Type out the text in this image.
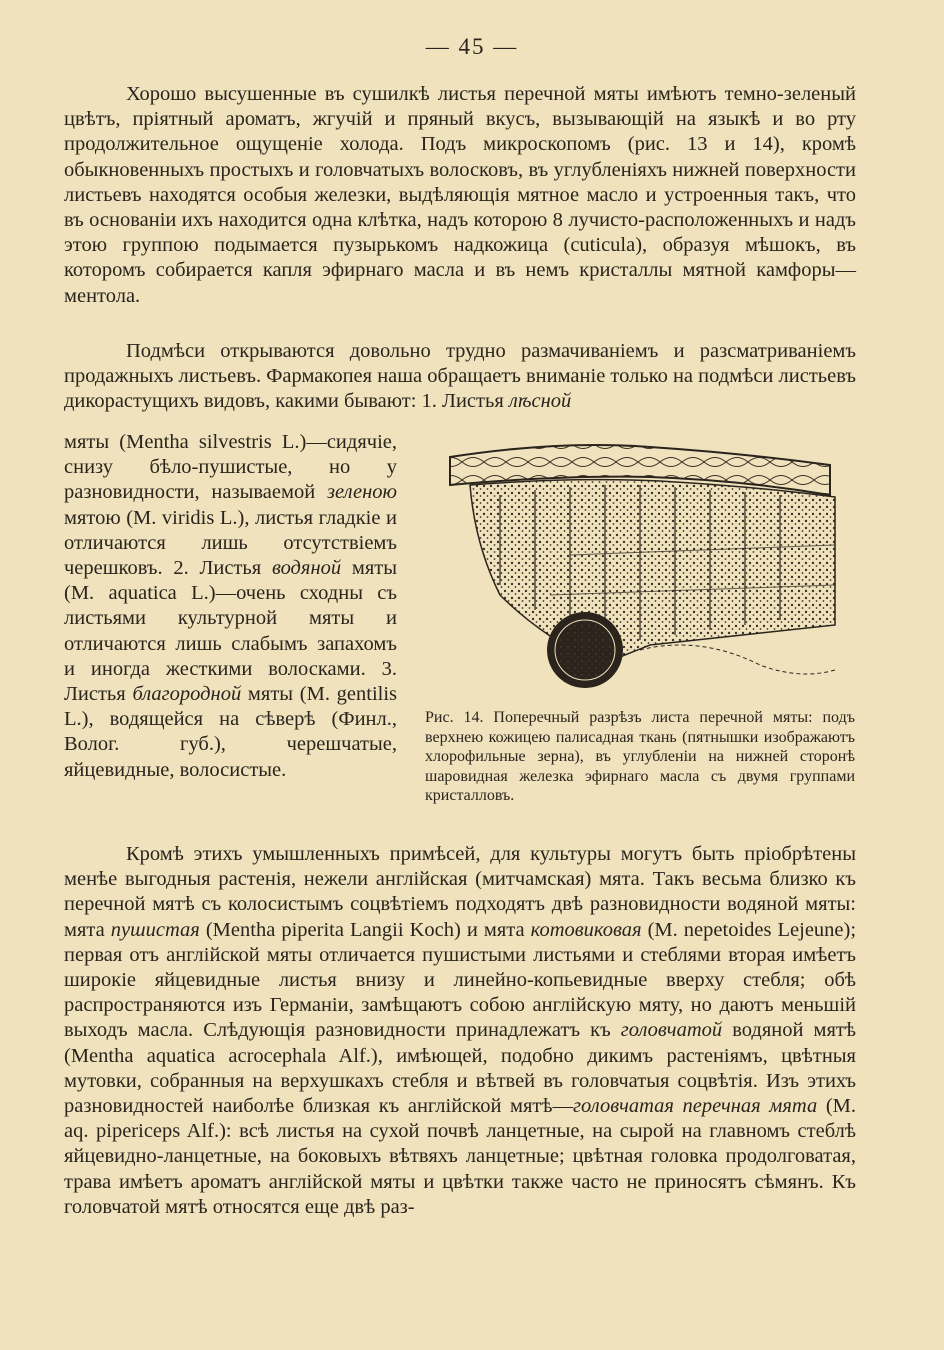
— 45 —

Хорошо высушенные въ сушилкѣ листья перечной мяты имѣютъ темно-зеленый цвѣтъ, пріятный ароматъ, жгучій и пряный вкусъ, вызывающій на языкѣ и во рту продолжительное ощущеніе холода. Подъ микроскопомъ (рис. 13 и 14), кромѣ обыкновенныхъ простыхъ и головчатыхъ волосковъ, въ углубленіяхъ нижней поверхности листьевъ находятся особыя железки, выдѣляющія мятное масло и устроенныя такъ, что въ основаніи ихъ находится одна клѣтка, надъ которою 8 лучисто-расположенныхъ и надъ этою группою подымается пузырькомъ надкожица (cuticula), образуя мѣшокъ, въ которомъ собирается капля эфирнаго масла и въ немъ кристаллы мятной камфоры—ментола.

Подмѣси открываются довольно трудно размачиваніемъ и разсматриваніемъ продажныхъ листьевъ. Фармакопея наша обращаетъ вниманіе только на подмѣси листьевъ дикорастущихъ видовъ, какими бывают: 1. Листья лѣсной

мяты (Mentha silvestris L.)—сидячіе, снизу бѣло-пушистые, но у разновидности, называемой зеленою мятою (M. viridis L.), листья гладкіе и отличаются лишь отсутствіемъ черешковъ. 2. Листья водяной мяты (M. aquatica L.)—очень сходны съ листьями культурной мяты и отличаются лишь слабымъ запахомъ и иногда жесткими волосками. 3. Листья благородной мяты (M. gentilis L.), водящейся на сѣверѣ (Финл., Волог. губ.), черешчатые, яйцевидные, волосистые.

Рис. 14. Поперечный разрѣзъ листа перечной мяты: подъ верхнею кожицею палисадная ткань (пятнышки изображаютъ хлорофильные зерна), въ углубленіи на нижней сторонѣ шаровидная железка эфирнаго масла съ двумя группами кристалловъ.

Кромѣ этихъ умышленныхъ примѣсей, для культуры могутъ быть пріобрѣтены менѣе выгодныя растенія, нежели англійская (митчамская) мята. Такъ весьма близко къ перечной мятѣ съ колосистымъ соцвѣтіемъ подходятъ двѣ разновидности водяной мяты: мята пушистая (Mentha piperita Langii Koch) и мята котовиковая (M. nepetoides Lejeune); первая отъ англійской мяты отличается пушистыми листьями и стеблями вторая имѣетъ широкіе яйцевидные листья внизу и линейно-копьевидные вверху стебля; обѣ распространяются изъ Германіи, замѣщаютъ собою англійскую мяту, но даютъ меньшій выходъ масла. Слѣдующія разновидности принадлежатъ къ головчатой водяной мятѣ (Mentha aquatica acrocephala Alf.), имѣющей, подобно дикимъ растеніямъ, цвѣтныя мутовки, собранныя на верхушкахъ стебля и вѣтвей въ головчатыя соцвѣтія. Изъ этихъ разновидностей наиболѣе близкая къ англійской мятѣ—головчатая перечная мята (M. aq. pipericeps Alf.): всѣ листья на сухой почвѣ ланцетные, на сырой на главномъ стеблѣ яйцевидно-ланцетные, на боковыхъ вѣтвяхъ ланцетные; цвѣтная головка продолговатая, трава имѣетъ ароматъ англійской мяты и цвѣтки также часто не приносятъ сѣмянъ. Къ головчатой мятѣ относятся еще двѣ раз-
